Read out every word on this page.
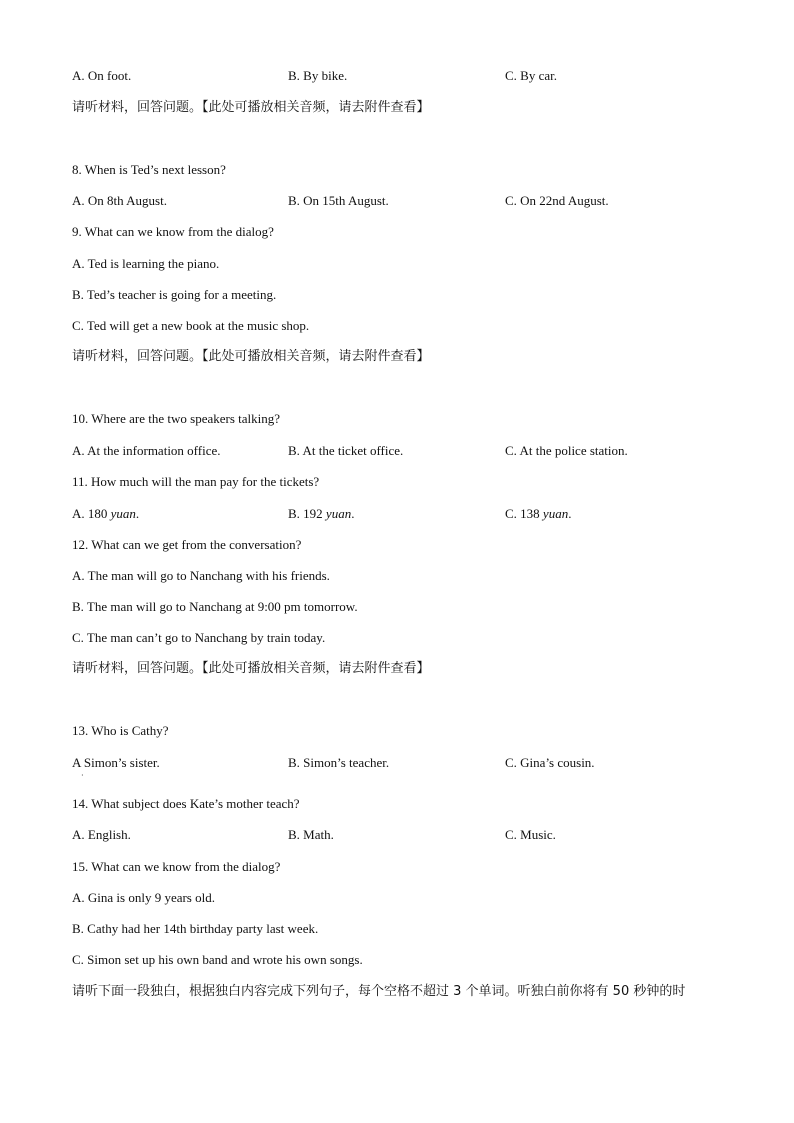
A. On foot.	B. By bike.	C. By car.
请听材料，回答问题。【此处可播放相关音频，请去附件查看】
8. When is Ted’s next lesson?
A. On 8th August.	B. On 15th August.	C. On 22nd August.
9. What can we know from the dialog?
A. Ted is learning the piano.
B. Ted’s teacher is going for a meeting.
C. Ted will get a new book at the music shop.
请听材料，回答问题。【此处可播放相关音频，请去附件查看】
10. Where are the two speakers talking?
A. At the information office.	B. At the ticket office.	C. At the police station.
11. How much will the man pay for the tickets?
A. 180 yuan.	B. 192 yuan.	C. 138 yuan.
12. What can we get from the conversation?
A. The man will go to Nanchang with his friends.
B. The man will go to Nanchang at 9:00 pm tomorrow.
C. The man can’t go to Nanchang by train today.
请听材料，回答问题。【此处可播放相关音频，请去附件查看】
13. Who is Cathy?
A Simon’s sister.
·
B. Simon’s teacher.	C. Gina’s cousin.
14. What subject does Kate’s mother teach?
A. English.	B. Math.	C. Music.
15. What can we know from the dialog?
A. Gina is only 9 years old.
B. Cathy had her 14th birthday party last week.
C. Simon set up his own band and wrote his own songs.
请听下面一段独白，根据独白内容完成下列句子，每个空格不超过 3 个单词。听独白前你将有 50 秒钟的时
